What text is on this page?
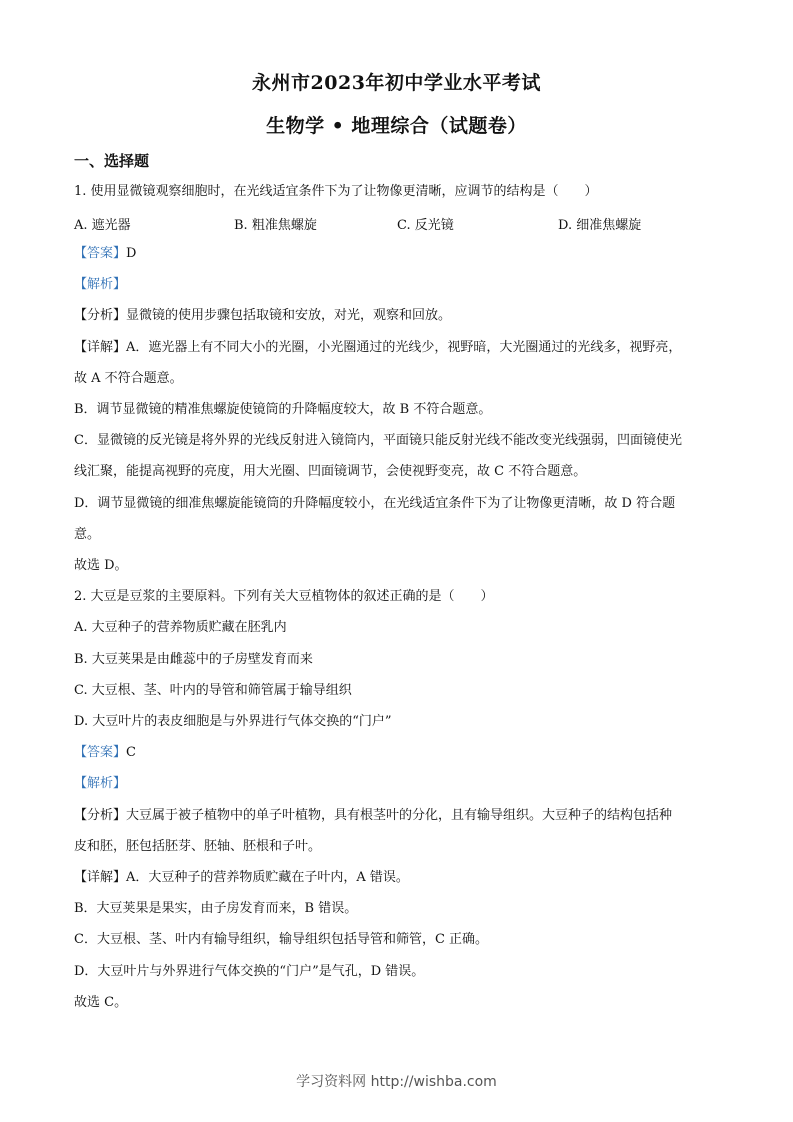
永州市2023年初中学业水平考试
生物学 • 地理综合（试题卷）
一、选择题
1. 使用显微镜观察细胞时，在光线适宜条件下为了让物像更清晰，应调节的结构是（　　）
A. 遮光器	B. 粗准焦螺旋	C. 反光镜	D. 细准焦螺旋
【答案】D
【解析】
【分析】显微镜的使用步骤包括取镜和安放，对光，观察和回放。
【详解】A．遮光器上有不同大小的光圈，小光圈通过的光线少，视野暗，大光圈通过的光线多，视野亮，
故 A 不符合题意。
B．调节显微镜的精准焦螺旋使镜筒的升降幅度较大，故 B 不符合题意。
C．显微镜的反光镜是将外界的光线反射进入镜筒内，平面镜只能反射光线不能改变光线强弱，凹面镜使光
线汇聚，能提高视野的亮度，用大光圈、凹面镜调节，会使视野变亮，故 C 不符合题意。
D．调节显微镜的细准焦螺旋能镜筒的升降幅度较小，在光线适宜条件下为了让物像更清晰，故 D 符合题
意。
故选 D。
2. 大豆是豆浆的主要原料。下列有关大豆植物体的叙述正确的是（　　）
A. 大豆种子的营养物质贮藏在胚乳内
B. 大豆荚果是由雌蕊中的子房壁发育而来
C. 大豆根、茎、叶内的导管和筛管属于输导组织
D. 大豆叶片的表皮细胞是与外界进行气体交换的“门户”
【答案】C
【解析】
【分析】大豆属于被子植物中的单子叶植物，具有根茎叶的分化，且有输导组织。大豆种子的结构包括种
皮和胚，胚包括胚芽、胚轴、胚根和子叶。
【详解】A．大豆种子的营养物质贮藏在子叶内，A 错误。
B．大豆荚果是果实，由子房发育而来，B 错误。
C．大豆根、茎、叶内有输导组织，输导组织包括导管和筛管，C 正确。
D．大豆叶片与外界进行气体交换的“门户”是气孔，D 错误。
故选 C。
学习资料网 http://wishba.com
